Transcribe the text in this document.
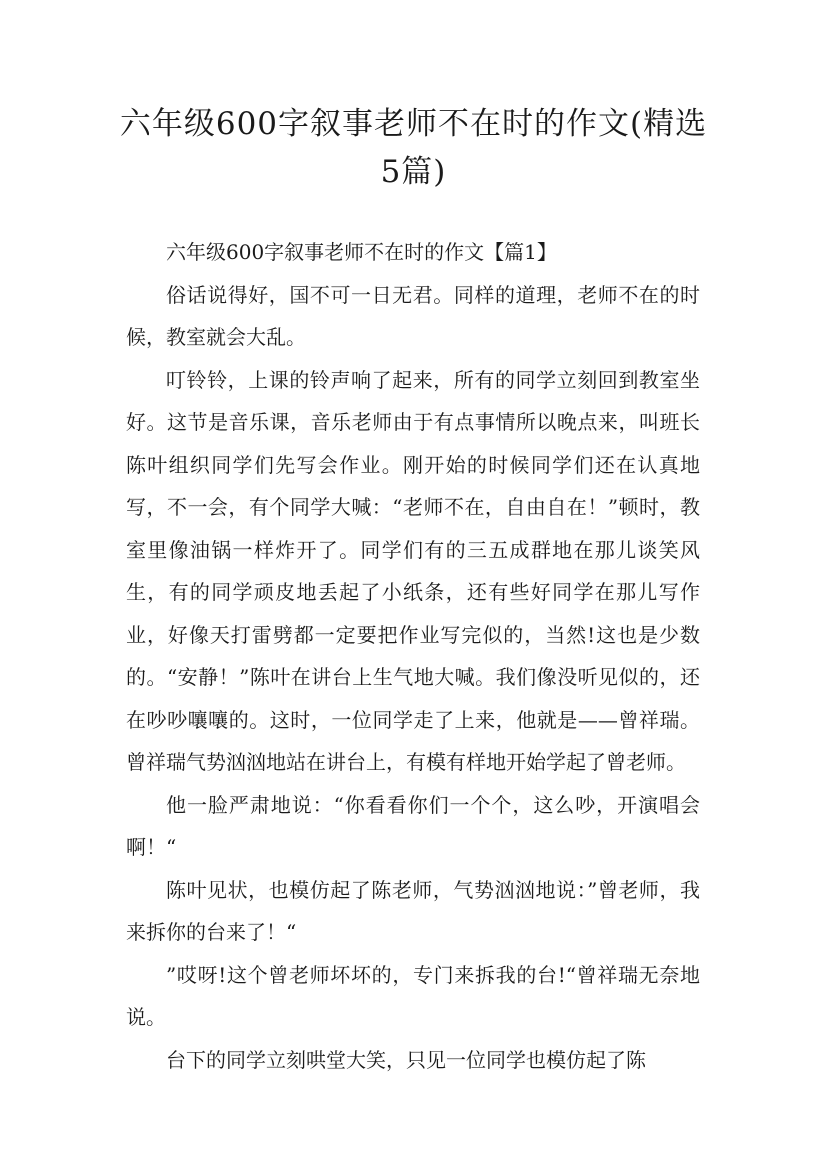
六年级600字叙事老师不在时的作文(精选5篇)
六年级600字叙事老师不在时的作文【篇1】

俗话说得好，国不可一日无君。同样的道理，老师不在的时候，教室就会大乱。

叮铃铃，上课的铃声响了起来，所有的同学立刻回到教室坐好。这节是音乐课，音乐老师由于有点事情所以晚点来，叫班长陈叶组织同学们先写会作业。刚开始的时候同学们还在认真地写，不一会，有个同学大喊：“老师不在，自由自在！”顿时，教室里像油锅一样炸开了。同学们有的三五成群地在那儿谈笑风生，有的同学顽皮地丢起了小纸条，还有些好同学在那儿写作业，好像天打雷劈都一定要把作业写完似的，当然!这也是少数的。“安静！”陈叶在讲台上生气地大喊。我们像没听见似的，还在吵吵嚷嚷的。这时，一位同学走了上来，他就是——曾祥瑞。曾祥瑞气势汹汹地站在讲台上，有模有样地开始学起了曾老师。

他一脸严肃地说：“你看看你们一个个，这么吵，开演唱会啊！“

陈叶见状，也模仿起了陈老师，气势汹汹地说：”曾老师，我来拆你的台来了！“

”哎呀!这个曾老师坏坏的，专门来拆我的台!“曾祥瑞无奈地说。

台下的同学立刻哄堂大笑，只见一位同学也模仿起了陈
